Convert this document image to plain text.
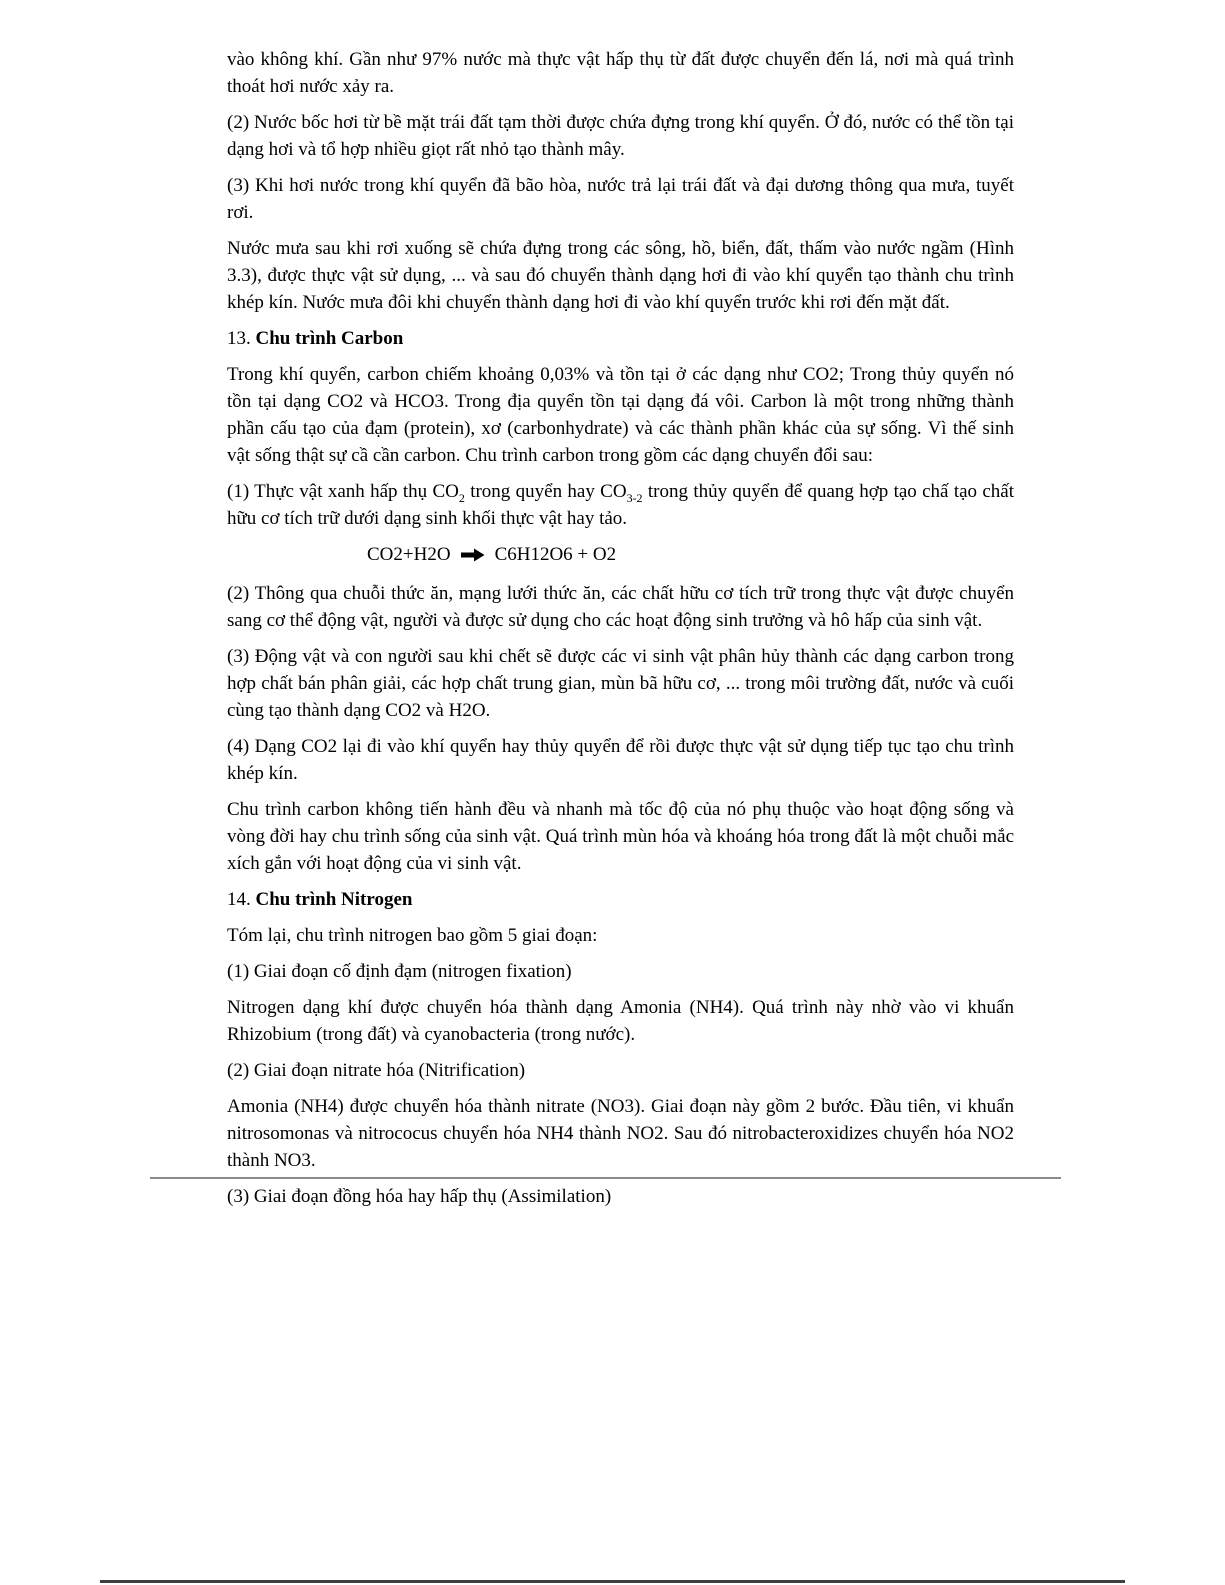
vào không khí. Gần như 97% nước mà thực vật hấp thụ từ đất được chuyển đến lá, nơi mà quá trình thoát hơi nước xảy ra.

(2) Nước bốc hơi từ bề mặt trái đất tạm thời được chứa đựng trong khí quyển. Ở đó, nước có thể tồn tại dạng hơi và tổ hợp nhiều giọt rất nhỏ tạo thành mây.

(3) Khi hơi nước trong khí quyển đã bão hòa, nước trả lại trái đất và đại dương thông qua mưa, tuyết rơi.

Nước mưa sau khi rơi xuống sẽ chứa đựng trong các sông, hồ, biển, đất, thấm vào nước ngầm (Hình 3.3), được thực vật sử dụng, ... và sau đó chuyển thành dạng hơi đi vào khí quyển tạo thành chu trình khép kín. Nước mưa đôi khi chuyển thành dạng hơi đi vào khí quyển trước khi rơi đến mặt đất.

13. Chu trình Carbon

Trong khí quyển, carbon chiếm khoảng 0,03% và tồn tại ở các dạng như CO2; Trong thủy quyển nó tồn tại dạng CO2 và HCO3. Trong địa quyển tồn tại dạng đá vôi. Carbon là một trong những thành phần cấu tạo của đạm (protein), xơ (carbonhydrate) và các thành phần khác của sự sống. Vì thế sinh vật sống thật sự cầ cần carbon. Chu trình carbon trong gồm các dạng chuyển đổi sau:

(1) Thực vật xanh hấp thụ $CO_2$ trong quyển hay $CO_{3-2}$ trong thủy quyển để quang hợp tạo chấ tạo chất hữu cơ tích trữ dưới dạng sinh khối thực vật hay tảo.

CO2+H2O C6H12O6 + O2

(2) Thông qua chuỗi thức ăn, mạng lưới thức ăn, các chất hữu cơ tích trữ trong thực vật được chuyển sang cơ thể động vật, người và được sử dụng cho các hoạt động sinh trưởng và hô hấp của sinh vật.

(3) Động vật và con người sau khi chết sẽ được các vi sinh vật phân hủy thành các dạng carbon trong hợp chất bán phân giải, các hợp chất trung gian, mùn bã hữu cơ, ... trong môi trường đất, nước và cuối cùng tạo thành dạng CO2 và H2O.

(4) Dạng CO2 lại đi vào khí quyển hay thủy quyển để rồi được thực vật sử dụng tiếp tục tạo chu trình khép kín.

Chu trình carbon không tiến hành đều và nhanh mà tốc độ của nó phụ thuộc vào hoạt động sống và vòng đời hay chu trình sống của sinh vật. Quá trình mùn hóa và khoáng hóa trong đất là một chuỗi mắc xích gắn với hoạt động của vi sinh vật.

14. Chu trình Nitrogen

Tóm lại, chu trình nitrogen bao gồm 5 giai đoạn:

(1) Giai đoạn cố định đạm (nitrogen fixation)

Nitrogen dạng khí được chuyển hóa thành dạng Amonia (NH4). Quá trình này nhờ vào vi khuẩn Rhizobium (trong đất) và cyanobacteria (trong nước).

(2) Giai đoạn nitrate hóa (Nitrification)

Amonia (NH4) được chuyển hóa thành nitrate (NO3). Giai đoạn này gồm 2 bước. Đầu tiên, vi khuẩn nitrosomonas và nitrococus chuyển hóa NH4 thành NO2. Sau đó nitrobacteroxidizes chuyển hóa NO2 thành NO3.

(3) Giai đoạn đồng hóa hay hấp thụ (Assimilation)
